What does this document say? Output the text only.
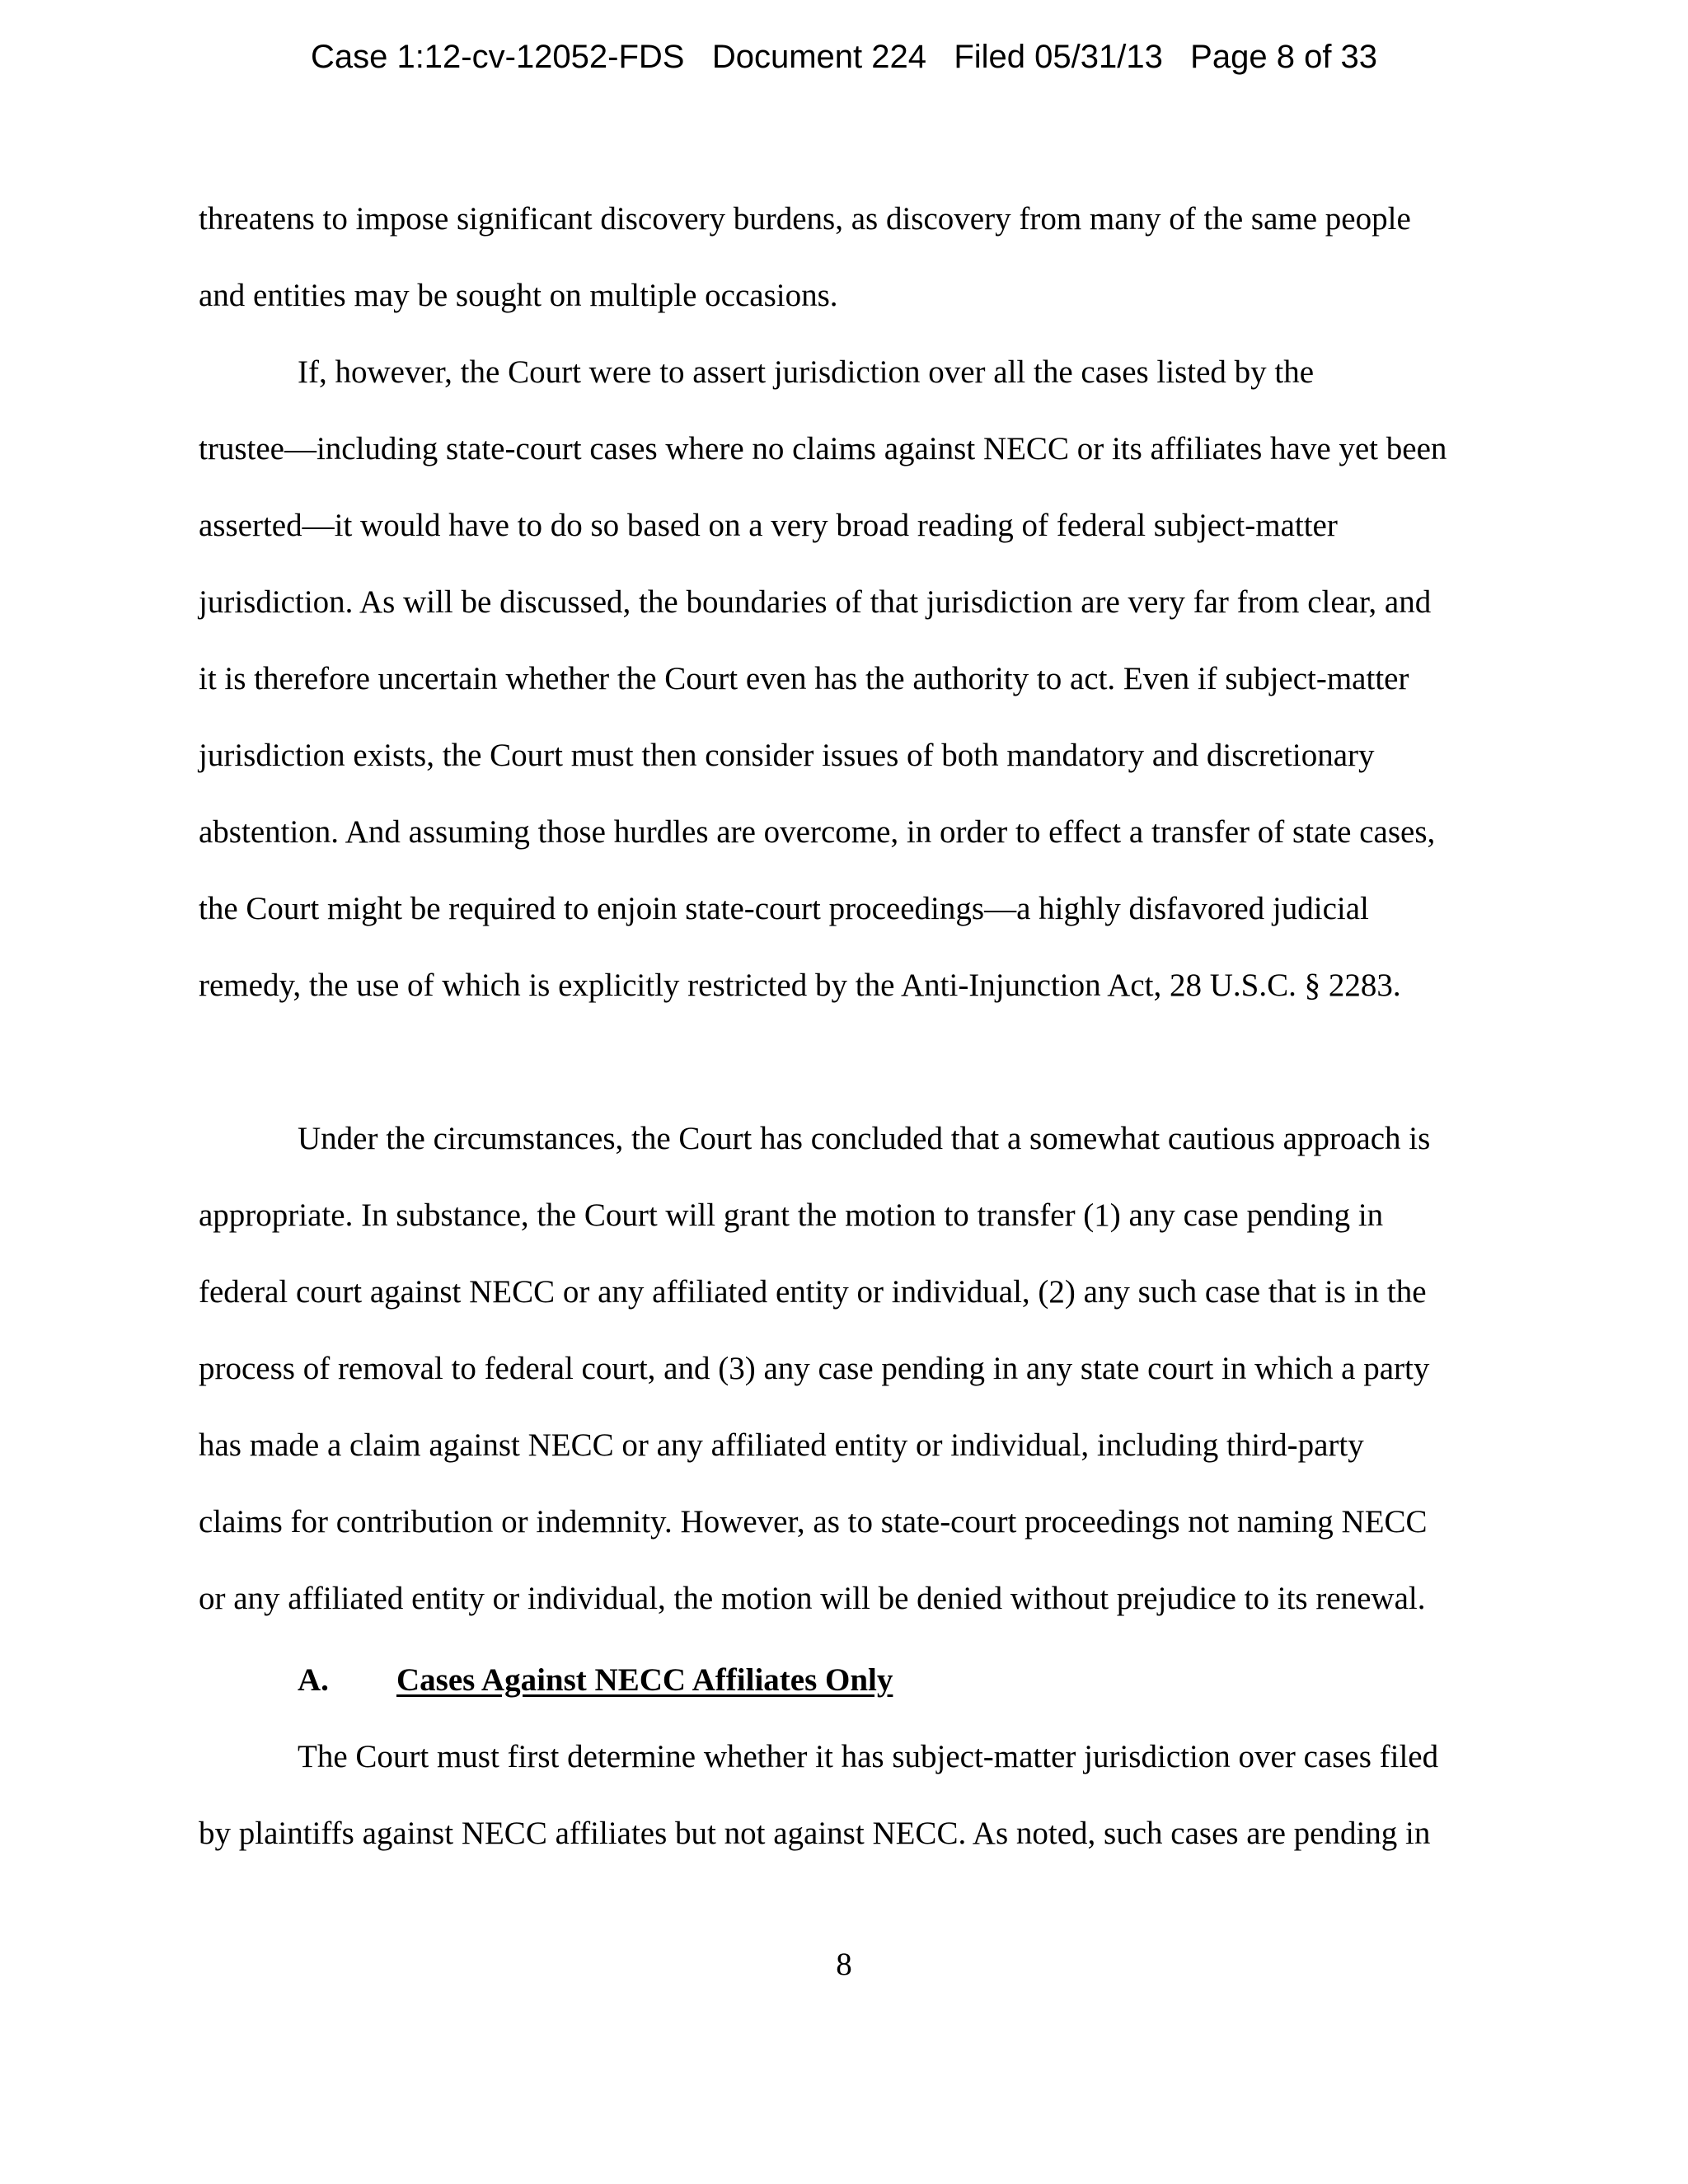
Case 1:12-cv-12052-FDS   Document 224   Filed 05/31/13   Page 8 of 33
threatens to impose significant discovery burdens, as discovery from many of the same people
and entities may be sought on multiple occasions.
If, however, the Court were to assert jurisdiction over all the cases listed by the
trustee—including state-court cases where no claims against NECC or its affiliates have yet been
asserted—it would have to do so based on a very broad reading of federal subject-matter
jurisdiction. As will be discussed, the boundaries of that jurisdiction are very far from clear, and
it is therefore uncertain whether the Court even has the authority to act. Even if subject-matter
jurisdiction exists, the Court must then consider issues of both mandatory and discretionary
abstention. And assuming those hurdles are overcome, in order to effect a transfer of state cases,
the Court might be required to enjoin state-court proceedings—a highly disfavored judicial
remedy, the use of which is explicitly restricted by the Anti-Injunction Act, 28 U.S.C. § 2283.
Under the circumstances, the Court has concluded that a somewhat cautious approach is
appropriate. In substance, the Court will grant the motion to transfer (1) any case pending in
federal court against NECC or any affiliated entity or individual, (2) any such case that is in the
process of removal to federal court, and (3) any case pending in any state court in which a party
has made a claim against NECC or any affiliated entity or individual, including third-party
claims for contribution or indemnity. However, as to state-court proceedings not naming NECC
or any affiliated entity or individual, the motion will be denied without prejudice to its renewal.
A. Cases Against NECC Affiliates Only
The Court must first determine whether it has subject-matter jurisdiction over cases filed
by plaintiffs against NECC affiliates but not against NECC. As noted, such cases are pending in
8
